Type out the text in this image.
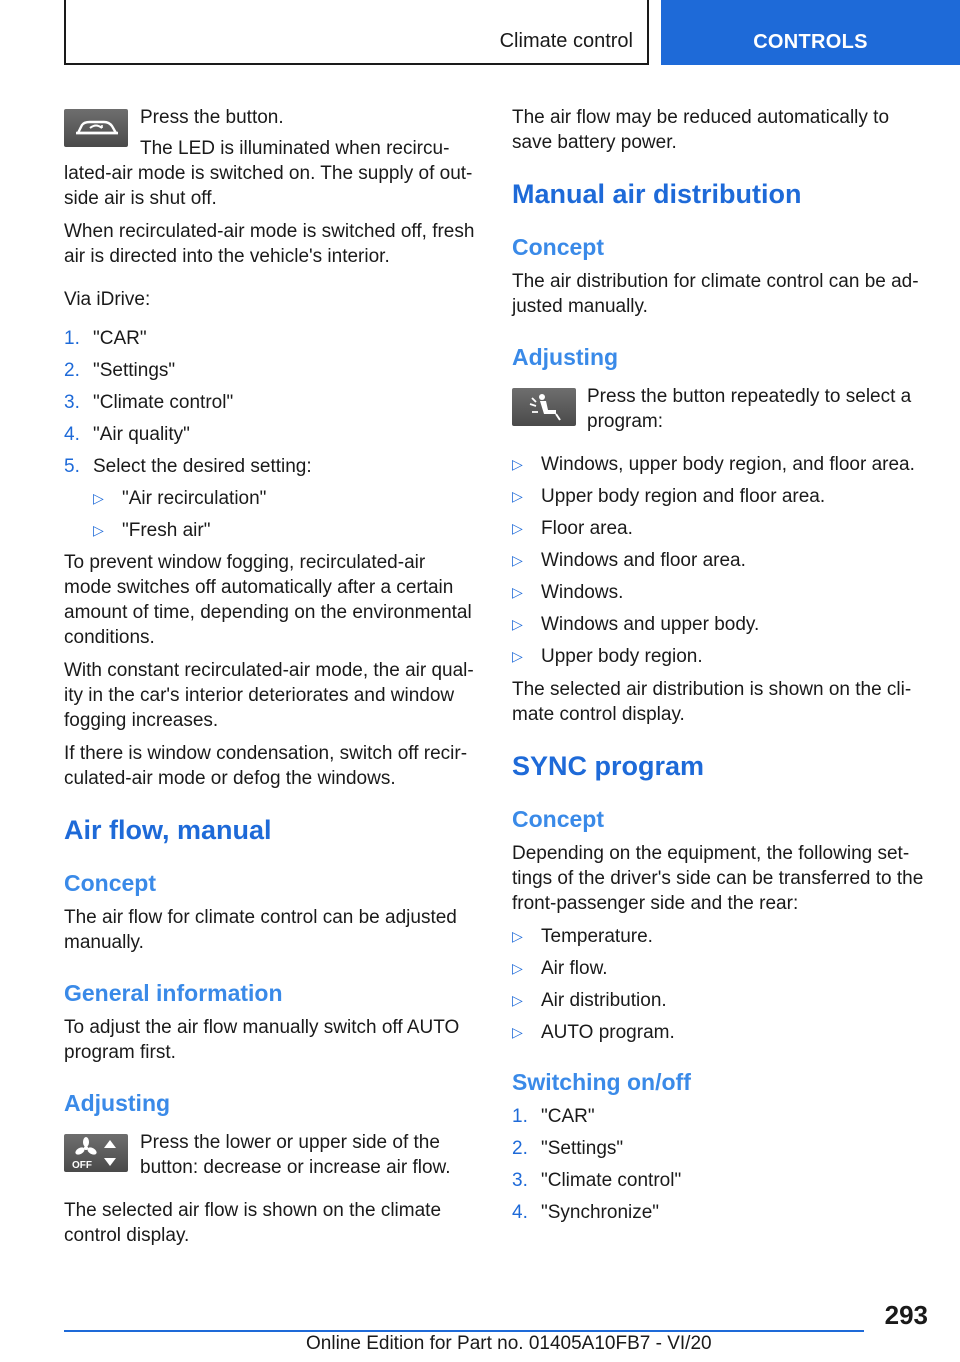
Climate control	CONTROLS

Press the button.

The LED is illuminated when recircu-

lated-air mode is switched on. The supply of out-

side air is shut off.

When recirculated-air mode is switched off, fresh

air is directed into the vehicle's interior.

Via iDrive:

1. "CAR"
2. "Settings"
3. "Climate control"
4. "Air quality"
5. Select the desired setting:
▷ "Air recirculation"
▷ "Fresh air"

To prevent window fogging, recirculated-air

mode switches off automatically after a certain

amount of time, depending on the environmental

conditions.

With constant recirculated-air mode, the air qual-

ity in the car's interior deteriorates and window

fogging increases.

If there is window condensation, switch off recir-

culated-air mode or defog the windows.

Air flow, manual
Concept

The air flow for climate control can be adjusted

manually.

General information

To adjust the air flow manually switch off AUTO

program first.

Adjusting
OFF

Press the lower or upper side of the

button: decrease or increase air flow.

The selected air flow is shown on the climate

control display.

The air flow may be reduced automatically to

save battery power.

Manual air distribution
Concept

The air distribution for climate control can be ad-

justed manually.

Adjusting

Press the button repeatedly to select a

program:

▷ Windows, upper body region, and floor area.
▷ Upper body region and floor area.
▷ Floor area.
▷ Windows and floor area.
▷ Windows.
▷ Windows and upper body.
▷ Upper body region.

The selected air distribution is shown on the cli-

mate control display.

SYNC program
Concept

Depending on the equipment, the following set-

tings of the driver's side can be transferred to the

front-passenger side and the rear:

▷ Temperature.
▷ Air flow.
▷ Air distribution.
▷ AUTO program.
Switching on/off
1. "CAR"
2. "Settings"
3. "Climate control"
4. "Synchronize"
293
Online Edition for Part no. 01405A10FB7 - VI/20
